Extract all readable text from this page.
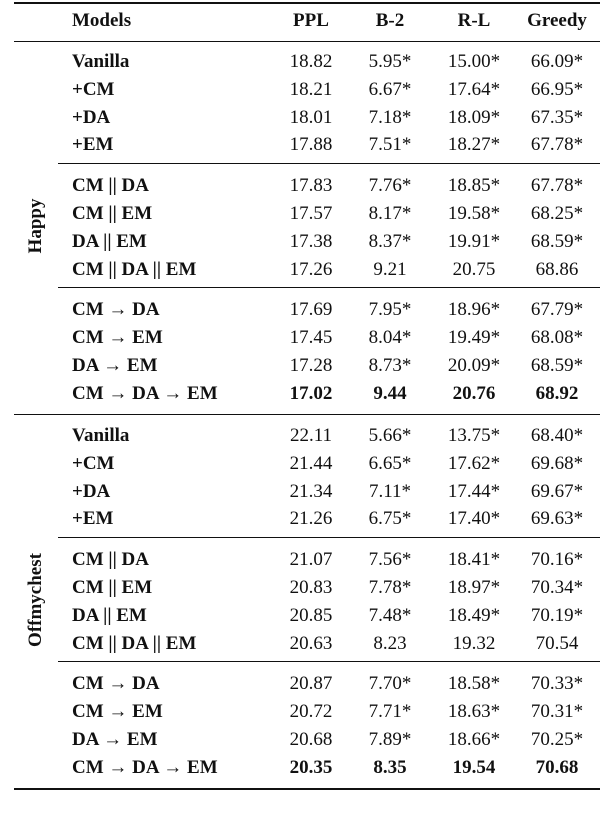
Models	PPL	B-2	R-L	Greedy
Vanilla	18.82	5.95*	15.00*	66.09*
+CM	18.21	6.67*	17.64*	66.95*
+DA	18.01	7.18*	18.09*	67.35*
+EM	17.88	7.51*	18.27*	67.78*
CM || DA	17.83	7.76*	18.85*	67.78*
CM || EM	17.57	8.17*	19.58*	68.25*
DA || EM	17.38	8.37*	19.91*	68.59*
CM || DA || EM	17.26	9.21	20.75	68.86
CM → DA	17.69	7.95*	18.96*	67.79*
CM → EM	17.45	8.04*	19.49*	68.08*
DA → EM	17.28	8.73*	20.09*	68.59*
CM → DA → EM	17.02	9.44	20.76	68.92
Happy
Vanilla	22.11	5.66*	13.75*	68.40*
+CM	21.44	6.65*	17.62*	69.68*
+DA	21.34	7.11*	17.44*	69.67*
+EM	21.26	6.75*	17.40*	69.63*
CM || DA	21.07	7.56*	18.41*	70.16*
CM || EM	20.83	7.78*	18.97*	70.34*
DA || EM	20.85	7.48*	18.49*	70.19*
CM || DA || EM	20.63	8.23	19.32	70.54
CM → DA	20.87	7.70*	18.58*	70.33*
CM → EM	20.72	7.71*	18.63*	70.31*
DA → EM	20.68	7.89*	18.66*	70.25*
CM → DA → EM	20.35	8.35	19.54	70.68
Offmychest
